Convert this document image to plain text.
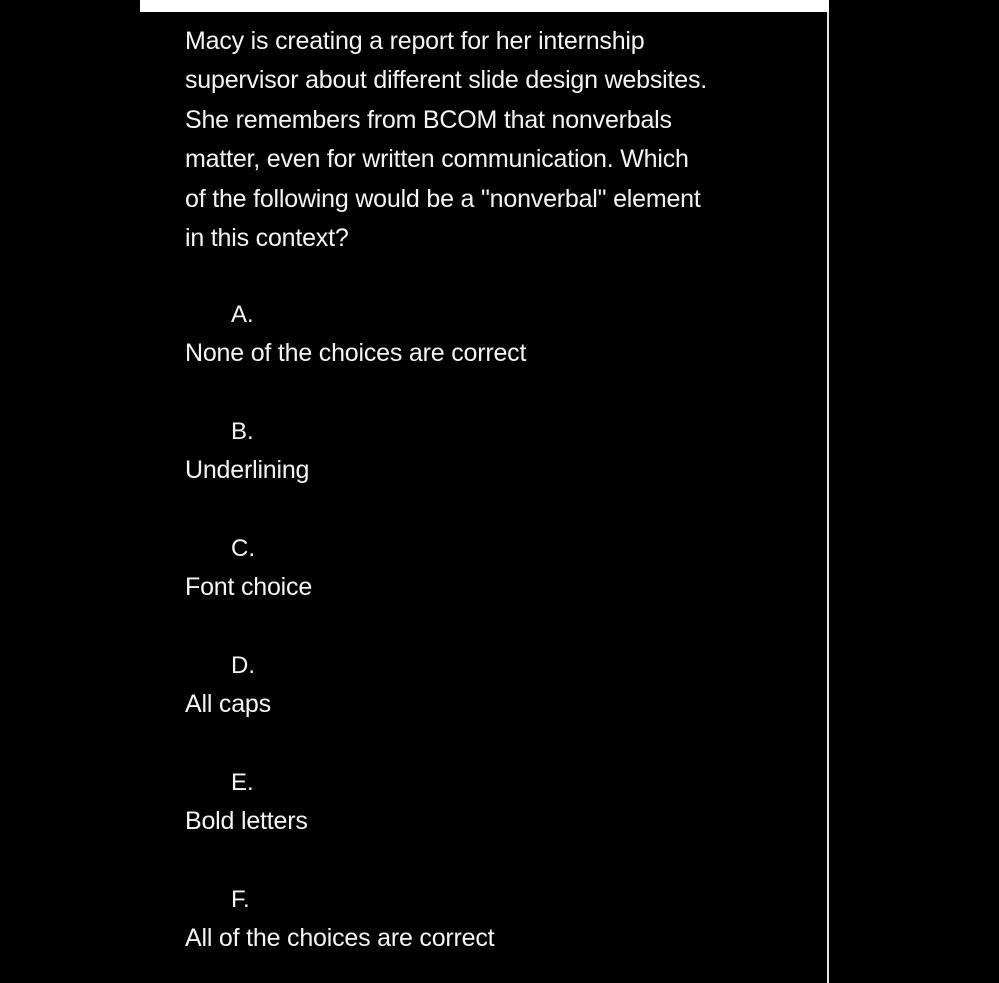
Macy is creating a report for her internship
supervisor about different slide design websites.
She remembers from BCOM that nonverbals
matter, even for written communication. Which
of the following would be a "nonverbal" element
in this context?

A.
None of the choices are correct
B.
Underlining
C.
Font choice
D.
All caps
E.
Bold letters
F.
All of the choices are correct
